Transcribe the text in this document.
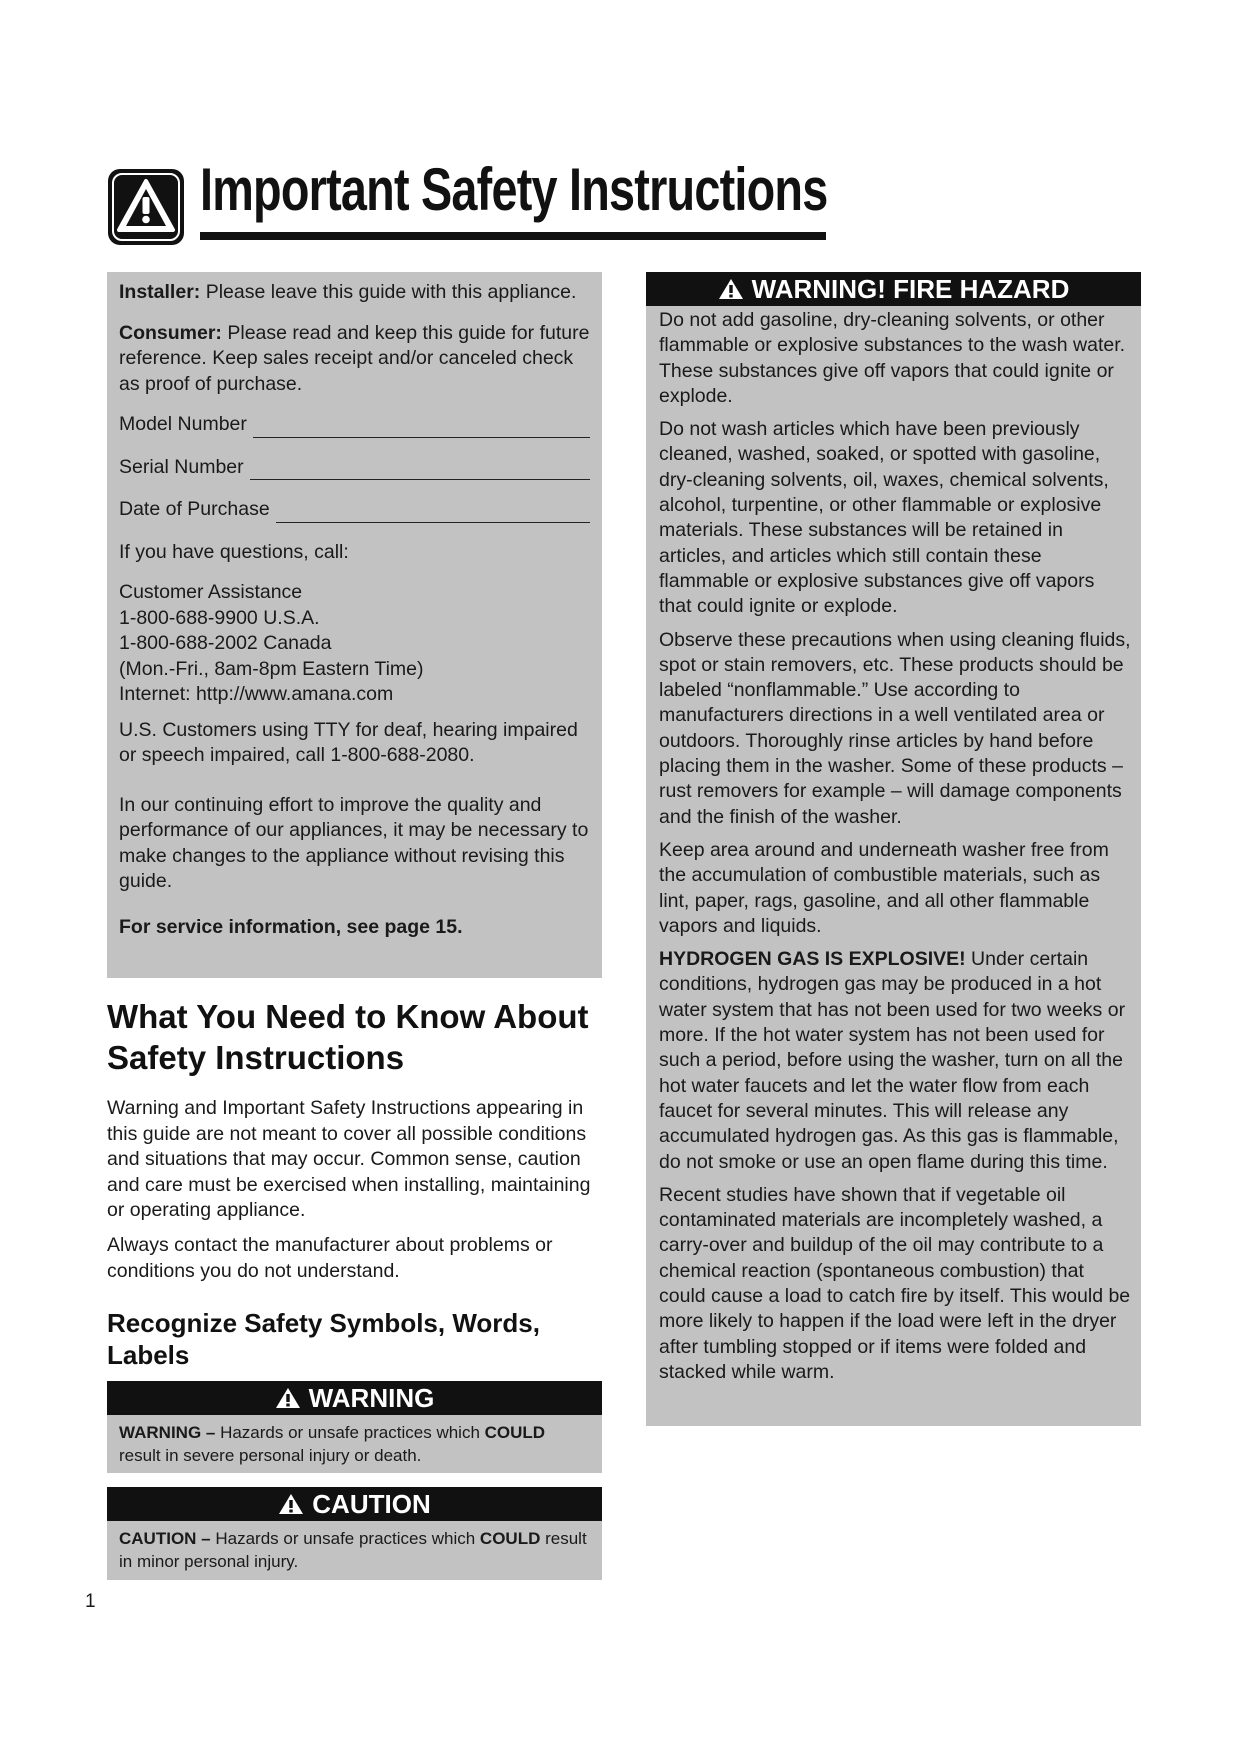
Important Safety Instructions

Installer: Please leave this guide with this appliance.

Consumer: Please read and keep this guide for future reference. Keep sales receipt and/or canceled check as proof of purchase.

Model Number
Serial Number
Date of Purchase

If you have questions, call:

Customer Assistance
1-800-688-9900 U.S.A.
1-800-688-2002 Canada
(Mon.-Fri., 8am-8pm Eastern Time)
Internet: http://www.amana.com

U.S. Customers using TTY for deaf, hearing impaired or speech impaired, call 1-800-688-2080.

In our continuing effort to improve the quality and performance of our appliances, it may be necessary to make changes to the appliance without revising this guide.

For service information, see page 15.

What You Need to Know About Safety Instructions
Warning and Important Safety Instructions appearing in this guide are not meant to cover all possible conditions and situations that may occur. Common sense, caution and care must be exercised when installing, maintaining or operating appliance.
Always contact the manufacturer about problems or conditions you do not understand.
Recognize Safety Symbols, Words, Labels
WARNING
WARNING – Hazards or unsafe practices which COULD result in severe personal injury or death.
CAUTION
CAUTION – Hazards or unsafe practices which COULD result in minor personal injury.
WARNING! FIRE HAZARD

Do not add gasoline, dry-cleaning solvents, or other flammable or explosive substances to the wash water. These substances give off vapors that could ignite or explode.

Do not wash articles which have been previously cleaned, washed, soaked, or spotted with gasoline, dry-cleaning solvents, oil, waxes, chemical solvents, alcohol, turpentine, or other flammable or explosive materials. These substances will be retained in articles, and articles which still contain these flammable or explosive substances give off vapors that could ignite or explode.

Observe these precautions when using cleaning fluids, spot or stain removers, etc. These products should be labeled “nonflammable.” Use according to manufacturers directions in a well ventilated area or outdoors. Thoroughly rinse articles by hand before placing them in the washer. Some of these products – rust removers for example – will damage components and the finish of the washer.

Keep area around and underneath washer free from the accumulation of combustible materials, such as lint, paper, rags, gasoline, and all other flammable vapors and liquids.

HYDROGEN GAS IS EXPLOSIVE! Under certain conditions, hydrogen gas may be produced in a hot water system that has not been used for two weeks or more. If the hot water system has not been used for such a period, before using the washer, turn on all the hot water faucets and let the water flow from each faucet for several minutes. This will release any accumulated hydrogen gas. As this gas is flammable, do not smoke or use an open flame during this time.

Recent studies have shown that if vegetable oil contaminated materials are incompletely washed, a carry-over and buildup of the oil may contribute to a chemical reaction (spontaneous combustion) that could cause a load to catch fire by itself. This would be more likely to happen if the load were left in the dryer after tumbling stopped or if items were folded and stacked while warm.

1
